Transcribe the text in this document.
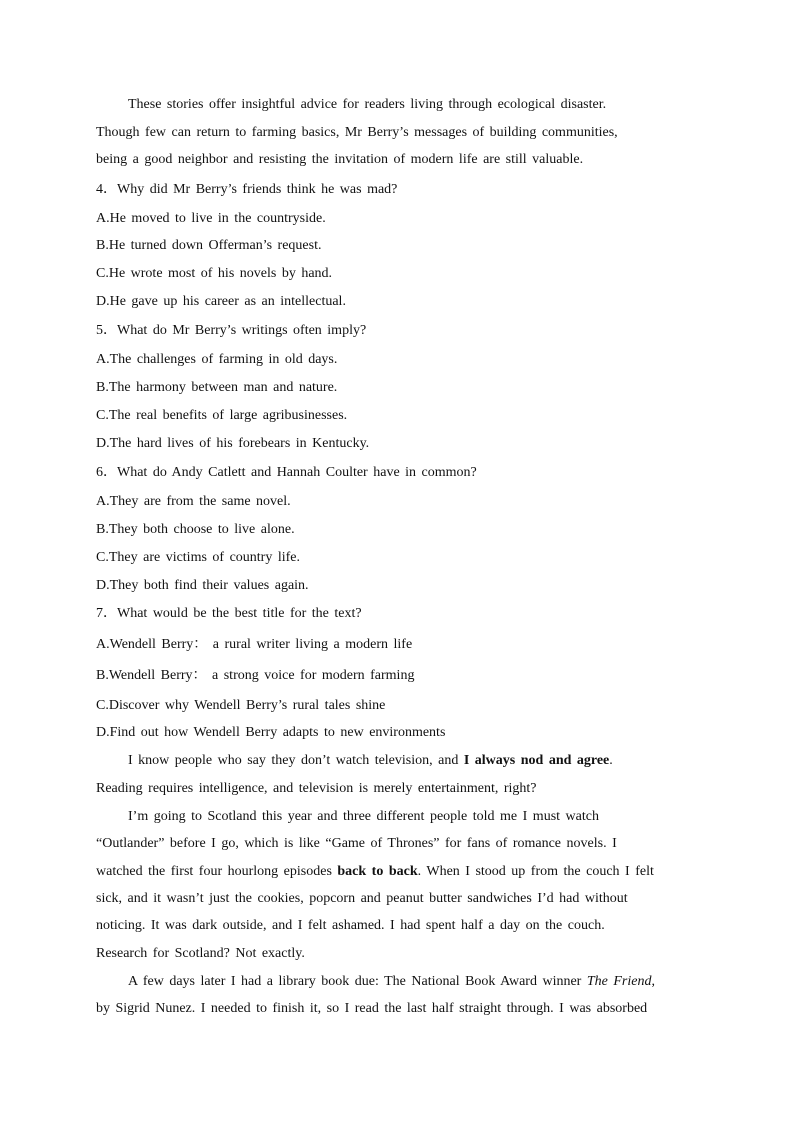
These stories offer insightful advice for readers living through ecological disaster.
Though few can return to farming basics, Mr Berry’s messages of building communities,
being a good neighbor and resisting the invitation of modern life are still valuable.
4．Why did Mr Berry’s friends think he was mad?
A.He moved to live in the countryside.
B.He turned down Offerman’s request.
C.He wrote most of his novels by hand.
D.He gave up his career as an intellectual.
5．What do Mr Berry’s writings often imply?
A.The challenges of farming in old days.
B.The harmony between man and nature.
C.The real benefits of large agribusinesses.
D.The hard lives of his forebears in Kentucky.
6．What do Andy Catlett and Hannah Coulter have in common?
A.They are from the same novel.
B.They both choose to live alone.
C.They are victims of country life.
D.They both find their values again.
7．What would be the best title for the text?
A.Wendell Berry： a rural writer living a modern life
B.Wendell Berry： a strong voice for modern farming
C.Discover why Wendell Berry’s rural tales shine
D.Find out how Wendell Berry adapts to new environments
I know people who say they don’t watch television, and I always nod and agree.
Reading requires intelligence, and television is merely entertainment, right?
I’m going to Scotland this year and three different people told me I must watch
“Outlander” before I go, which is like “Game of Thrones” for fans of romance novels. I
watched the first four hourlong episodes back to back. When I stood up from the couch I felt
sick, and it wasn’t just the cookies, popcorn and peanut butter sandwiches I’d had without
noticing. It was dark outside, and I felt ashamed. I had spent half a day on the couch.
Research for Scotland? Not exactly.
A few days later I had a library book due: The National Book Award winner The Friend,
by Sigrid Nunez. I needed to finish it, so I read the last half straight through. I was absorbed
